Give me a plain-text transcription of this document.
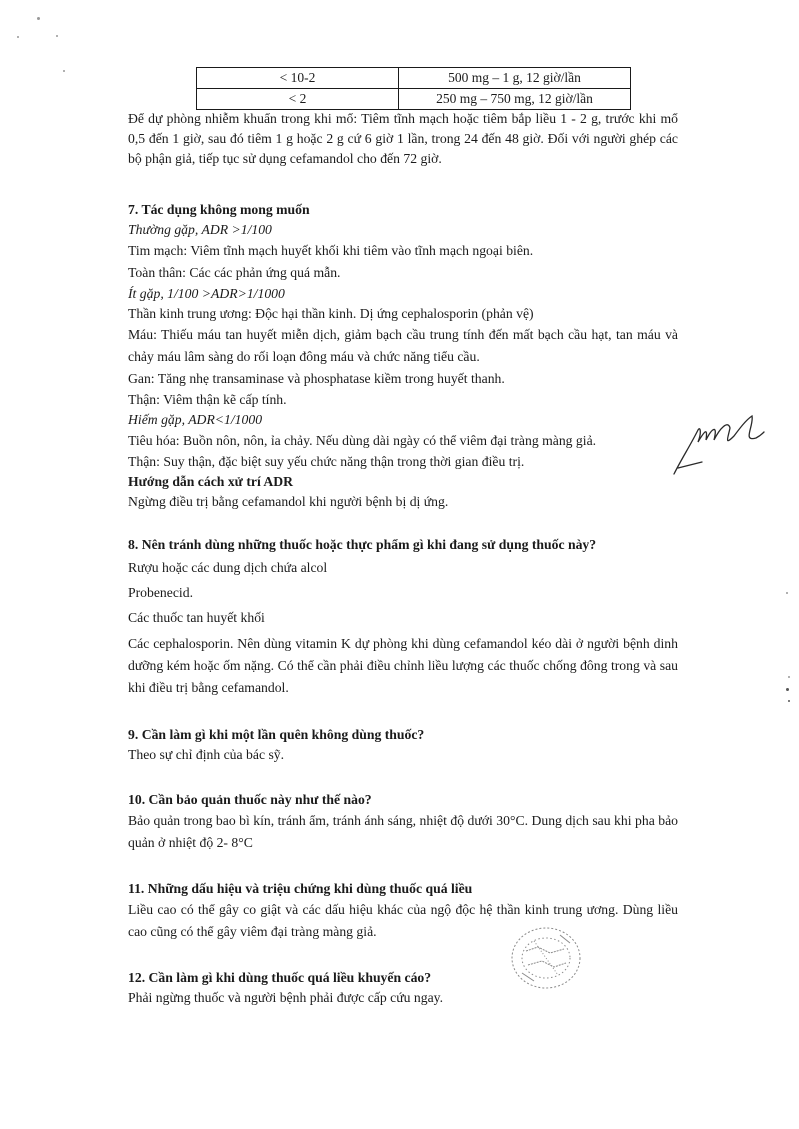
< 10-2	500 mg – 1 g, 12 giờ/lần
< 2	250 mg – 750 mg, 12 giờ/lần

Để dự phòng nhiễm khuẩn trong khi mổ: Tiêm tĩnh mạch hoặc tiêm bắp liều 1 - 2 g, trước khi mổ 0,5 đến 1 giờ, sau đó tiêm 1 g hoặc 2 g cứ 6 giờ 1 lần, trong 24 đến 48 giờ. Đối với người ghép các bộ phận giả, tiếp tục sử dụng cefamandol cho đến 72 giờ.

7. Tác dụng không mong muốn

Thường gặp, ADR >1/100

Tim mạch: Viêm tĩnh mạch huyết khối khi tiêm vào tĩnh mạch ngoại biên.

Toàn thân: Các các phản ứng quá mẫn.

Ít gặp, 1/100 >ADR>1/1000

Thần kinh trung ương: Độc hại thần kinh. Dị ứng cephalosporin (phản vệ)

Máu: Thiếu máu tan huyết miễn dịch, giảm bạch cầu trung tính đến mất bạch cầu hạt, tan máu và chảy máu lâm sàng do rối loạn đông máu và chức năng tiểu cầu.

Gan: Tăng nhẹ transaminase và phosphatase kiềm trong huyết thanh.

Thận: Viêm thận kẽ cấp tính.

Hiếm gặp, ADR<1/1000

Tiêu hóa: Buồn nôn, nôn, ỉa chảy. Nếu dùng dài ngày có thể viêm đại tràng màng giả.

Thận: Suy thận, đặc biệt suy yếu chức năng thận trong thời gian điều trị.

Hướng dẫn cách xử trí ADR

Ngừng điều trị bằng cefamandol khi người bệnh bị dị ứng.

8. Nên tránh dùng những thuốc hoặc thực phẩm gì khi đang sử dụng thuốc này?

Rượu hoặc các dung dịch chứa alcol

Probenecid.

Các thuốc tan huyết khối

Các cephalosporin. Nên dùng vitamin K dự phòng khi dùng cefamandol kéo dài ở người bệnh dinh dưỡng kém hoặc ốm nặng. Có thể cần phải điều chỉnh liều lượng các thuốc chống đông trong và sau khi điều trị bằng cefamandol.

9. Cần làm gì khi một lần quên không dùng thuốc?

Theo sự chỉ định của bác sỹ.

10. Cần bảo quản thuốc này như thế nào?

Bảo quản trong bao bì kín, tránh ẩm, tránh ánh sáng, nhiệt độ dưới 30°C. Dung dịch sau khi pha bảo quản ở nhiệt độ 2- 8°C

11. Những dấu hiệu và triệu chứng khi dùng thuốc quá liều

Liều cao có thể gây co giật và các dấu hiệu khác của ngộ độc hệ thần kinh trung ương. Dùng liều cao cũng có thể gây viêm đại tràng màng giả.

12. Cần làm gì khi dùng thuốc quá liều khuyến cáo?

Phải ngừng thuốc và người bệnh phải được cấp cứu ngay.
